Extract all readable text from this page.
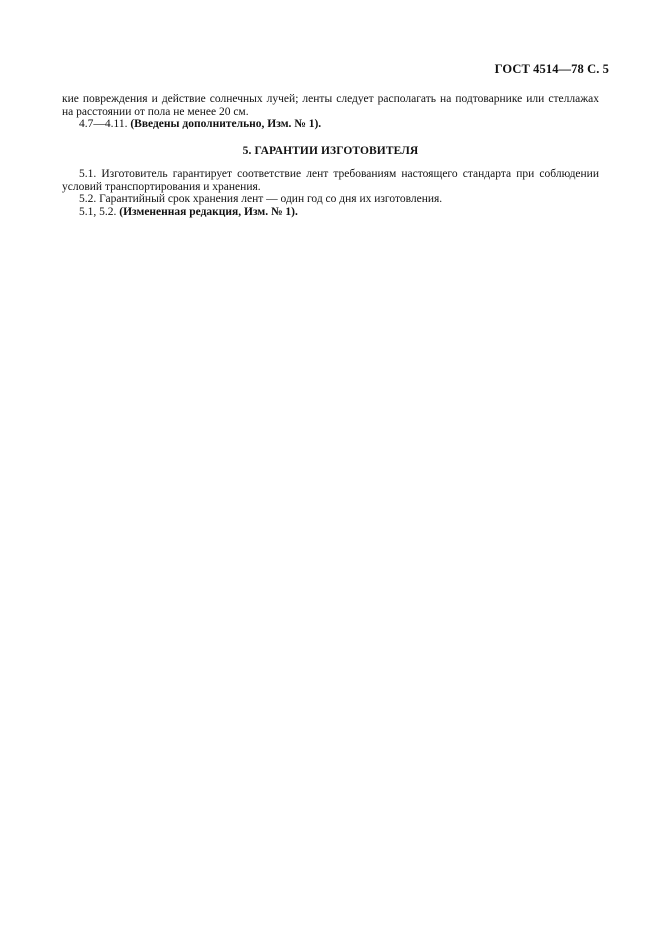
ГОСТ 4514—78 С. 5

кие повреждения и действие солнечных лучей; ленты следует располагать на подтоварнике или стеллажах на расстоянии от пола не менее 20 см.

4.7—4.11. (Введены дополнительно, Изм. № 1).

5. ГАРАНТИИ ИЗГОТОВИТЕЛЯ

5.1. Изготовитель гарантирует соответствие лент требованиям настоящего стандарта при соблюдении условий транспортирования и хранения.

5.2. Гарантийный срок хранения лент — один год со дня их изготовления.

5.1, 5.2. (Измененная редакция, Изм. № 1).
